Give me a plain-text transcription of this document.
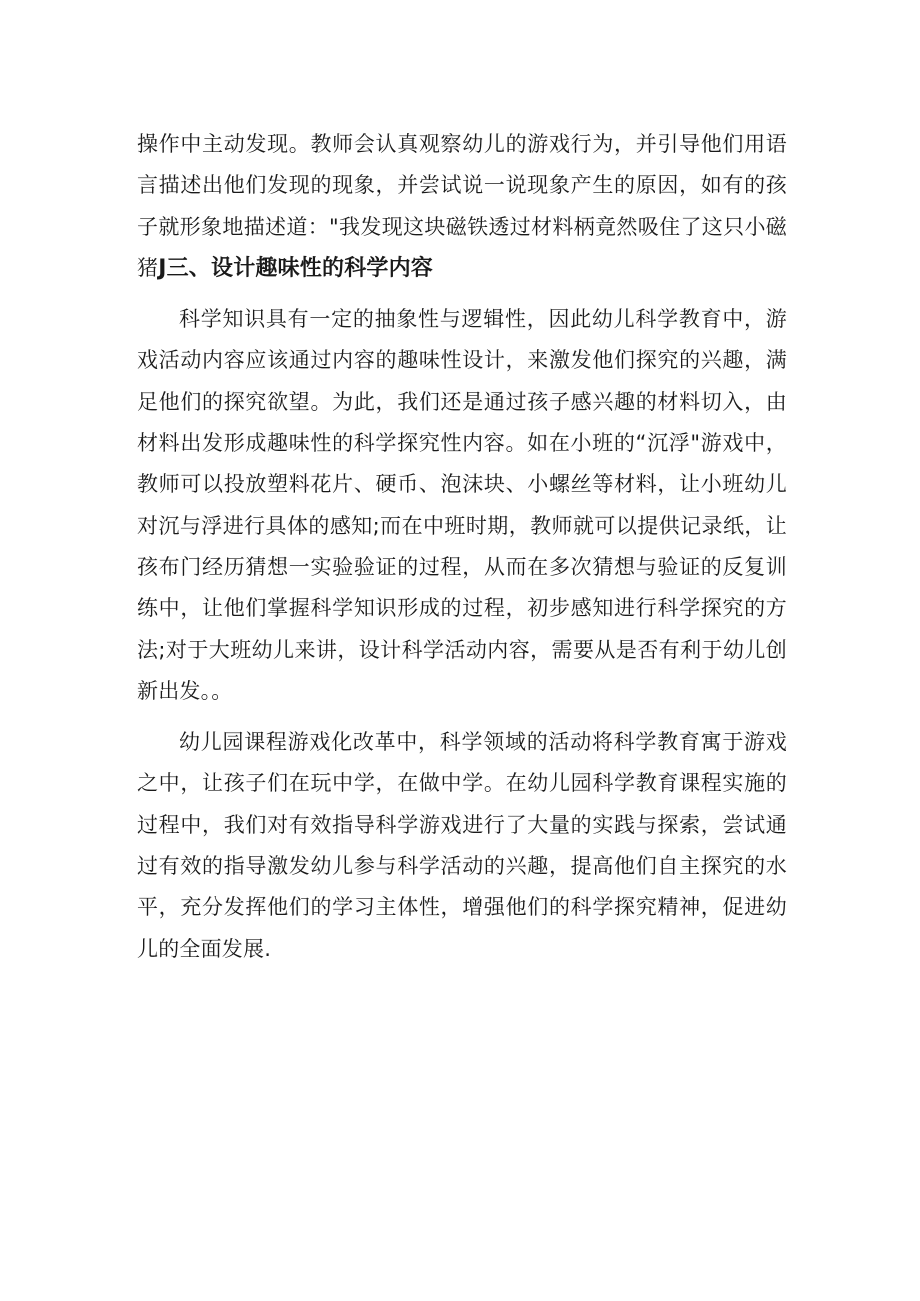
操作中主动发现。教师会认真观察幼儿的游戏行为，并引导他们用语言描述出他们发现的现象，并尝试说一说现象产生的原因，如有的孩子就形象地描述道："我发现这块磁铁透过材料柄竟然吸住了这只小磁猪J三、设计趣味性的科学内容

科学知识具有一定的抽象性与逻辑性，因此幼儿科学教育中，游戏活动内容应该通过内容的趣味性设计，来激发他们探究的兴趣，满足他们的探究欲望。为此，我们还是通过孩子感兴趣的材料切入，由材料出发形成趣味性的科学探究性内容。如在小班的“沉浮"游戏中，教师可以投放塑料花片、硬币、泡沫块、小螺丝等材料，让小班幼儿对沉与浮进行具体的感知;而在中班时期，教师就可以提供记录纸，让孩布门经历猜想一实验验证的过程，从而在多次猜想与验证的反复训练中，让他们掌握科学知识形成的过程，初步感知进行科学探究的方法;对于大班幼儿来讲，设计科学活动内容，需要从是否有利于幼儿创新出发。。

幼儿园课程游戏化改革中，科学领域的活动将科学教育寓于游戏之中，让孩子们在玩中学，在做中学。在幼儿园科学教育课程实施的过程中，我们对有效指导科学游戏进行了大量的实践与探索，尝试通过有效的指导激发幼儿参与科学活动的兴趣，提高他们自主探究的水平，充分发挥他们的学习主体性，增强他们的科学探究精神，促进幼儿的全面发展.
